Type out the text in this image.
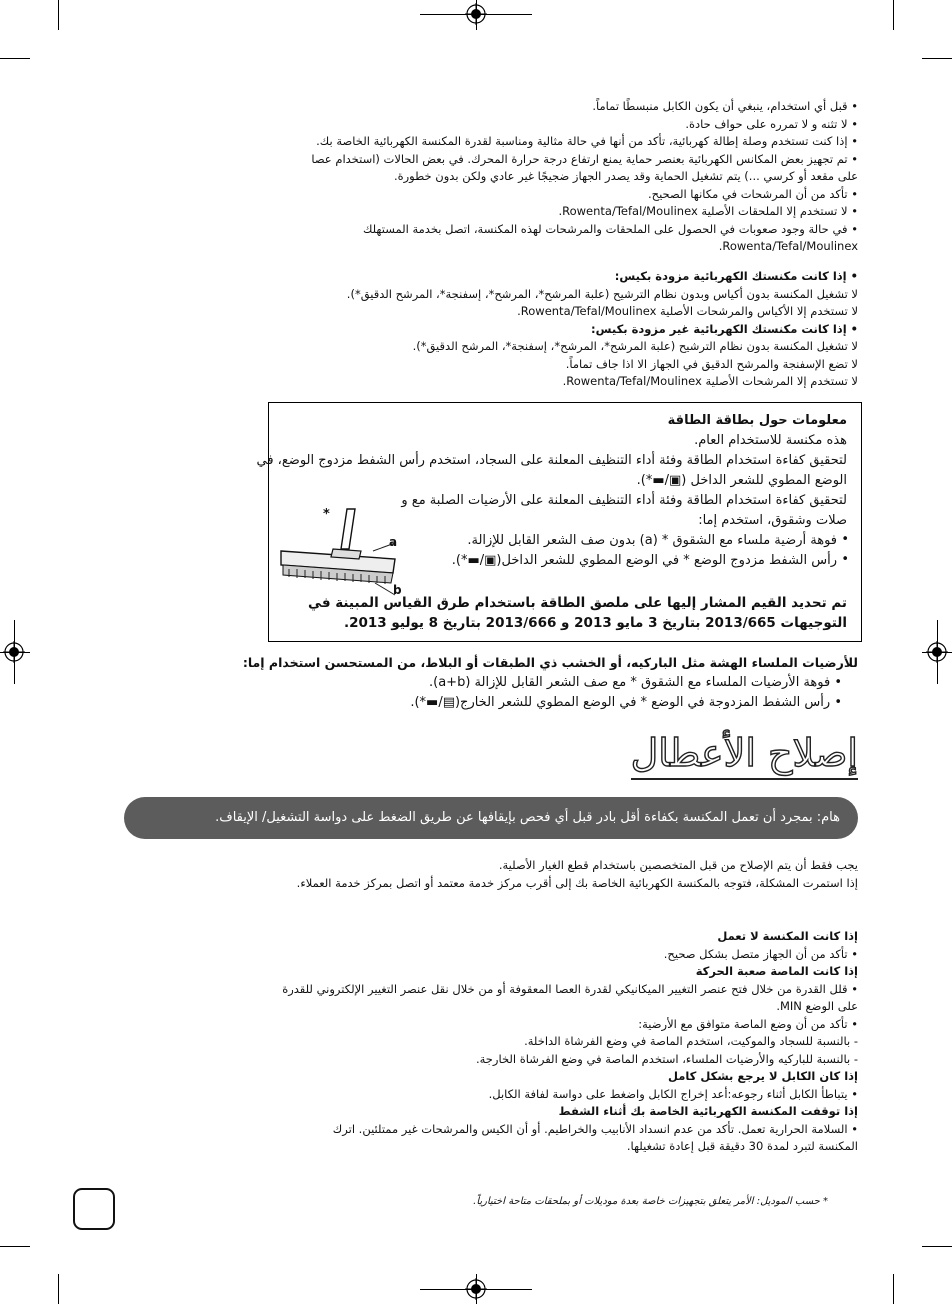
• قبل أي استخدام، ينبغي أن يكون الكابل منبسطًا تماماً.
• لا تثنه و لا تمرره على حواف حادة.
• إذا كنت تستخدم وصلة إطالة كهربائية، تأكد من أنها في حالة مثالية ومناسبة لقدرة المكنسة الكهربائية الخاصة بك.
• تم تجهيز بعض المكانس الكهربائية بعنصر حماية يمنع ارتفاع درجة حرارة المحرك. في بعض الحالات (استخدام عصا
على مقعد أو كرسي ...) يتم تشغيل الحماية وقد يصدر الجهاز ضجيجًا غير عادي ولكن بدون خطورة.
• تأكد من أن المرشحات في مكانها الصحيح.
• لا تستخدم إلا الملحقات الأصلية Rowenta/Tefal/Moulinex.
• في حالة وجود صعوبات في الحصول على الملحقات والمرشحات لهذه المكنسة، اتصل بخدمة المستهلك
Rowenta/Tefal/Moulinex.
• إذا كانت مكنستك الكهربائية مزودة بكيس:
لا تشغيل المكنسة بدون أكياس وبدون نظام الترشيح (علبة المرشح*، المرشح*، إسفنجة*، المرشح الدقيق*).
لا تستخدم إلا الأكياس والمرشحات الأصلية Rowenta/Tefal/Moulinex.
• إذا كانت مكنستك الكهربائية غير مزودة بكيس:
لا تشغيل المكنسة بدون نظام الترشيح (علبة المرشح*، المرشح*، إسفنجة*، المرشح الدقيق*).
لا تضع الإسفنجة والمرشح الدقيق في الجهاز الا اذا جاف تماماً.
لا تستخدم إلا المرشحات الأصلية Rowenta/Tefal/Moulinex.
معلومات حول بطاقة الطاقة
هذه مكنسة للاستخدام العام.
لتحقيق كفاءة استخدام الطاقة وفئة أداء التنظيف المعلنة على السجاد، استخدم رأس الشفط مزدوج الوضع، في
الوضع المطوي للشعر الداخل (▣/▬*).
لتحقيق كفاءة استخدام الطاقة وفئة أداء التنظيف المعلنة على الأرضيات الصلبة مع و
صلات وشقوق، استخدم إما:
فوهة أرضية ملساء مع الشقوق * (a) بدون صف الشعر القابل للإزالة.
رأس الشفط مزدوج الوضع * في الوضع المطوي للشعر الداخل(▣/▬*).
•
•
تم تحديد القيم المشار إليها على ملصق الطاقة باستخدام طرق القياس المبينة في
التوجيهات 2013/665 بتاريخ 3 مايو 2013 و 2013/666 بتاريخ 8 يوليو 2013.
*
a
b
للأرضيات الملساء الهشة مثل الباركيه، أو الخشب ذي الطبقات أو البلاط، من المستحسن استخدام إما:
• فوهة الأرضيات الملساء مع الشقوق * مع صف الشعر القابل للإزالة (a+b).
• رأس الشفط المزدوجة في الوضع * في الوضع المطوي للشعر الخارج(▤/▬*).
إصلاح الأعطال
هام: بمجرد أن تعمل المكنسة بكفاءة أقل بادر قبل أي فحص بإيقافها عن طريق الضغط على دواسة التشغيل/ الإيقاف.
يجب فقط أن يتم الإصلاح من قبل المتخصصين باستخدام قطع الغيار الأصلية.
إذا استمرت المشكلة، فتوجه بالمكنسة الكهربائية الخاصة بك إلى أقرب مركز خدمة معتمد أو اتصل بمركز خدمة العملاء.
إذا كانت المكنسة لا تعمل
• تأكد من أن الجهاز متصل بشكل صحيح.
إذا كانت الماصة صعبة الحركة
• قلل القدرة من خلال فتح عنصر التغيير الميكانيكي لقدرة العصا المعقوفة أو من خلال نقل عنصر التغيير الإلكتروني للقدرة
على الوضع MIN.
• تأكد من أن وضع الماصة متوافق مع الأرضية:
- بالنسبة للسجاد والموكيت، استخدم الماصة في وضع الفرشاة الداخلة.
- بالنسبة للباركيه والأرضيات الملساء، استخدم الماصة في وضع الفرشاة الخارجة.
إذا كان الكابل لا يرجع بشكل كامل
• يتباطأ الكابل أثناء رجوعه:أعد إخراج الكابل واضغط على دواسة لفافة الكابل.
إذا توقفت المكنسة الكهربائية الخاصة بك أثناء الشفط
• السلامة الحرارية تعمل. تأكد من عدم انسداد الأنابيب والخراطيم. أو أن الكيس والمرشحات غير ممتلئين. اترك
المكنسة لتبرد لمدة 30 دقيقة قبل إعادة تشغيلها.
* حسب الموديل: الأمر يتعلق بتجهيزات خاصة بعدة موديلات أو بملحقات متاحة اختيارياً.
